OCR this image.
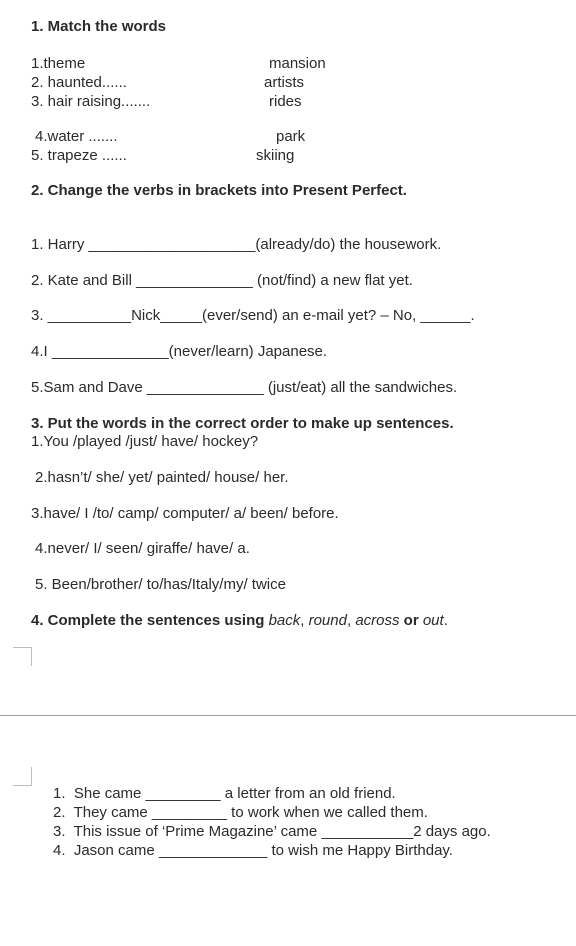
1. Match the words
1.theme
2. haunted......
3. hair raising.......
4.water .......
5. trapeze ......
mansion
artists
rides
park
skiing
2. Change the verbs in brackets into Present Perfect.
1. Harry ____________________(already/do) the housework.
2. Kate and Bill ______________ (not/find) a new flat yet.
3. __________Nick_____(ever/send) an e-mail yet? – No, ______.
4.I ______________(never/learn) Japanese.
5.Sam and Dave ______________ (just/eat) all the sandwiches.
3. Put the words in the correct order to make up sentences.
1.You /played /just/ have/ hockey?
2.hasn’t/ she/ yet/ painted/ house/ her.
3.have/ I /to/ camp/ computer/ a/ been/ before.
4.never/ I/ seen/ giraffe/ have/ a.
5. Been/brother/ to/has/Italy/my/ twice
4. Complete the sentences using back, round, across or out.
1.  She came _________ a letter from an old friend.
2.  They came _________ to work when we called them.
3.  This issue of ‘Prime Magazine’ came ___________2 days ago.
4.  Jason came _____________ to wish me Happy Birthday.
